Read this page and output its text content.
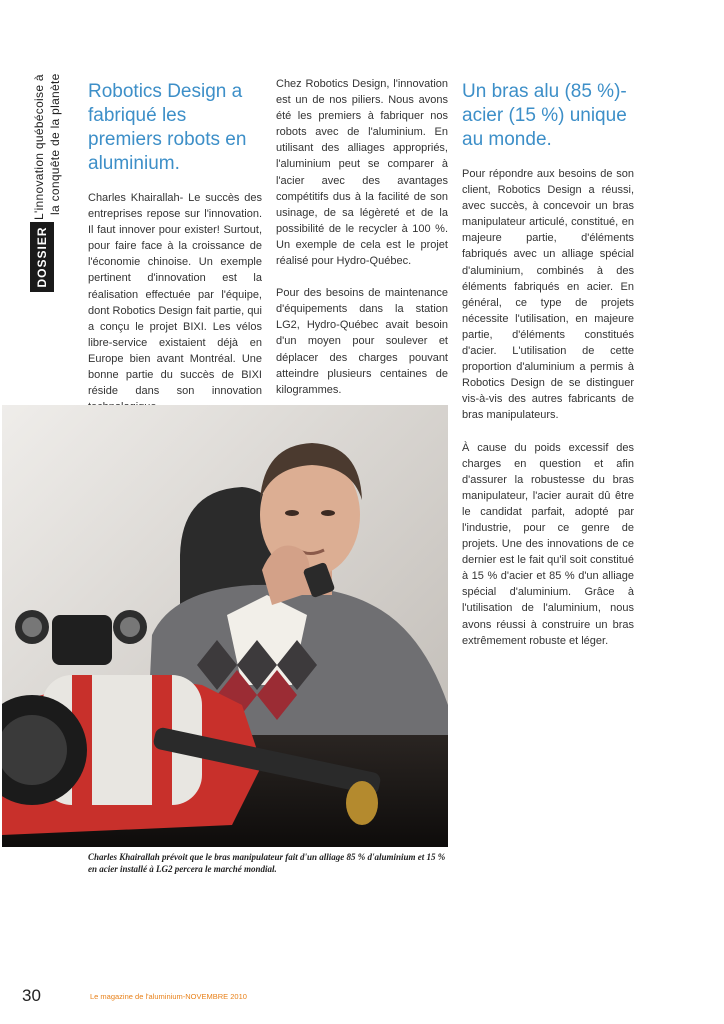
L'innovation québécoise à la conquête de la planète
DOSSIER
Robotics Design a fabriqué les premiers robots en aluminium.

Charles Khairallah- Le succès des entreprises repose sur l'innovation. Il faut innover pour exister! Surtout, pour faire face à la croissance de l'économie chinoise. Un exemple pertinent d'innovation est la réalisation effectuée par l'équipe, dont Robotics Design fait partie, qui a conçu le projet BIXI. Les vélos libre-service existaient déjà en Europe bien avant Montréal. Une bonne partie du succès de BIXI réside dans son innovation

Chez Robotics Design, l'innovation est un de nos piliers. Nous avons été les premiers à fabriquer nos robots avec de l'aluminium. En utilisant des alliages appropriés, l'aluminium peut se comparer à l'acier avec des avantages compétitifs dus à la facilité de son usinage, de sa légèreté et de la possibilité de le recycler à 100 %. Un exemple de cela est le projet réalisé pour Hydro-Québec.

Pour des besoins de maintenance d'équipements dans la station LG2, Hydro-Québec avait besoin d'un moyen pour soulever et déplacer des charges pouvant atteindre plusieurs centaines de kilogrammes.

Un bras alu (85 %)-acier (15 %) unique au monde.

Pour répondre aux besoins de son client, Robotics Design a réussi, avec succès, à concevoir un bras manipulateur articulé, constitué, en majeure partie, d'éléments fabriqués avec un alliage spécial d'aluminium, combinés à des éléments fabriqués en acier. En général, ce type de projets nécessite l'utilisation, en majeure partie, d'éléments constitués d'acier. L'utilisation de cette proportion d'aluminium a permis à Robotics Design de se distinguer vis-à-vis des autres fabricants de bras manipulateurs.

À cause du poids excessif des charges en question et afin d'assurer la robustesse du bras manipulateur, l'acier aurait dû être le candidat parfait, adopté par l'industrie, pour ce genre de projets. Une des innovations de ce dernier est le fait qu'il soit constitué à 15 % d'acier et 85 % d'un alliage spécial d'aluminium. Grâce à l'utilisation de l'aluminium, nous avons réussi à construire un bras extrêmement robuste et léger.

Charles Khairallah prévoit que le bras manipulateur fait d'un alliage 85 % d'aluminium et 15 % en acier installé à LG2 percera le marché mondial.
30	Le magazine de l'aluminium-NOVEMBRE 2010
